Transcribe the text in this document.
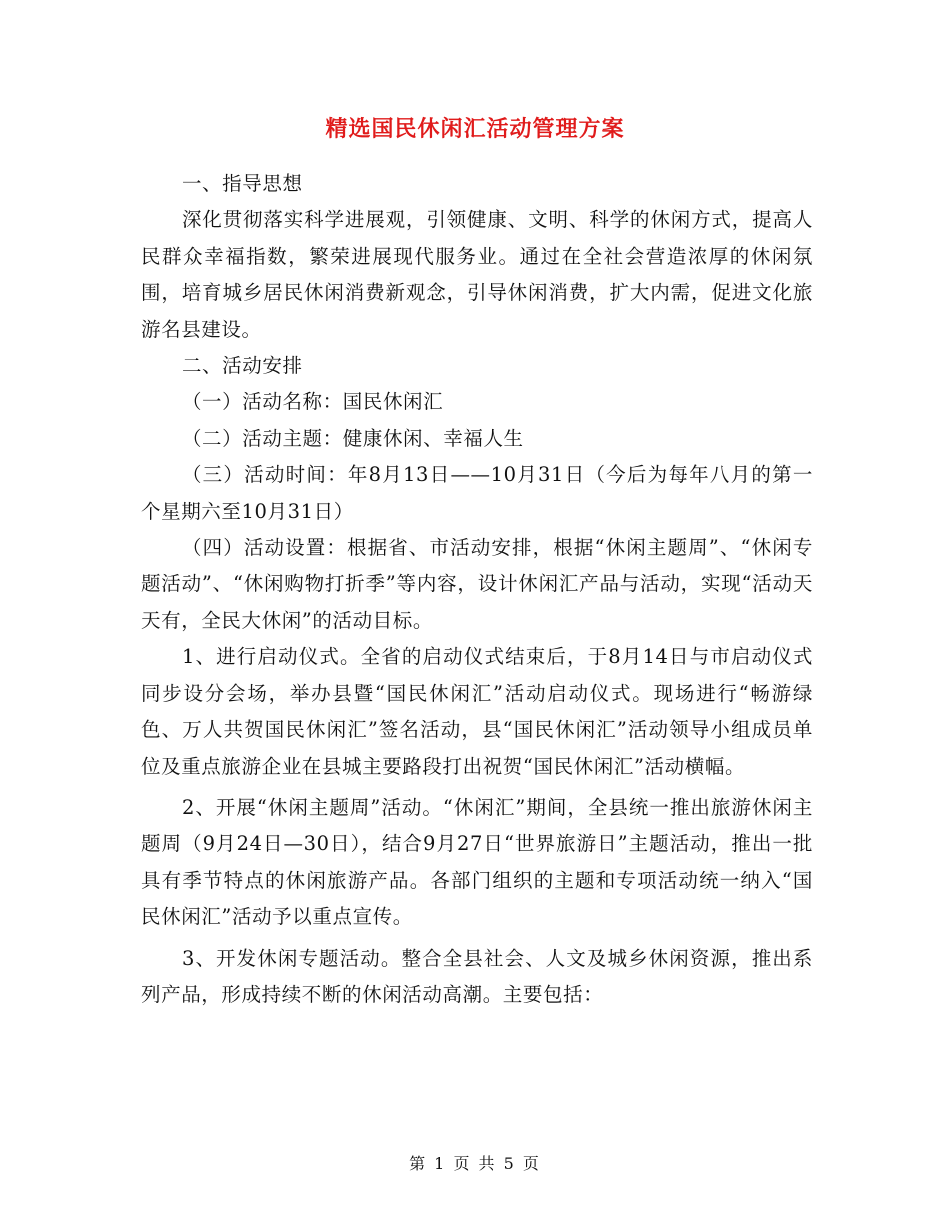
精选国民休闲汇活动管理方案

一、指导思想

深化贯彻落实科学进展观，引领健康、文明、科学的休闲方式，提高人民群众幸福指数，繁荣进展现代服务业。通过在全社会营造浓厚的休闲氛围，培育城乡居民休闲消费新观念，引导休闲消费，扩大内需，促进文化旅游名县建设。

二、活动安排

（一）活动名称：国民休闲汇

（二）活动主题：健康休闲、幸福人生

（三）活动时间：年8月13日——10月31日（今后为每年八月的第一个星期六至10月31日）

（四）活动设置：根据省、市活动安排，根据“休闲主题周”、“休闲专题活动”、“休闲购物打折季”等内容，设计休闲汇产品与活动，实现“活动天天有，全民大休闲”的活动目标。

1、进行启动仪式。全省的启动仪式结束后，于8月14日与市启动仪式同步设分会场，举办县暨“国民休闲汇”活动启动仪式。现场进行“畅游绿色、万人共贺国民休闲汇”签名活动，县“国民休闲汇”活动领导小组成员单位及重点旅游企业在县城主要路段打出祝贺“国民休闲汇”活动横幅。

2、开展“休闲主题周”活动。“休闲汇”期间，全县统一推出旅游休闲主题周（9月24日—30日），结合9月27日“世界旅游日”主题活动，推出一批具有季节特点的休闲旅游产品。各部门组织的主题和专项活动统一纳入“国民休闲汇”活动予以重点宣传。

3、开发休闲专题活动。整合全县社会、人文及城乡休闲资源，推出系列产品，形成持续不断的休闲活动高潮。主要包括：

第 1 页 共 5 页
